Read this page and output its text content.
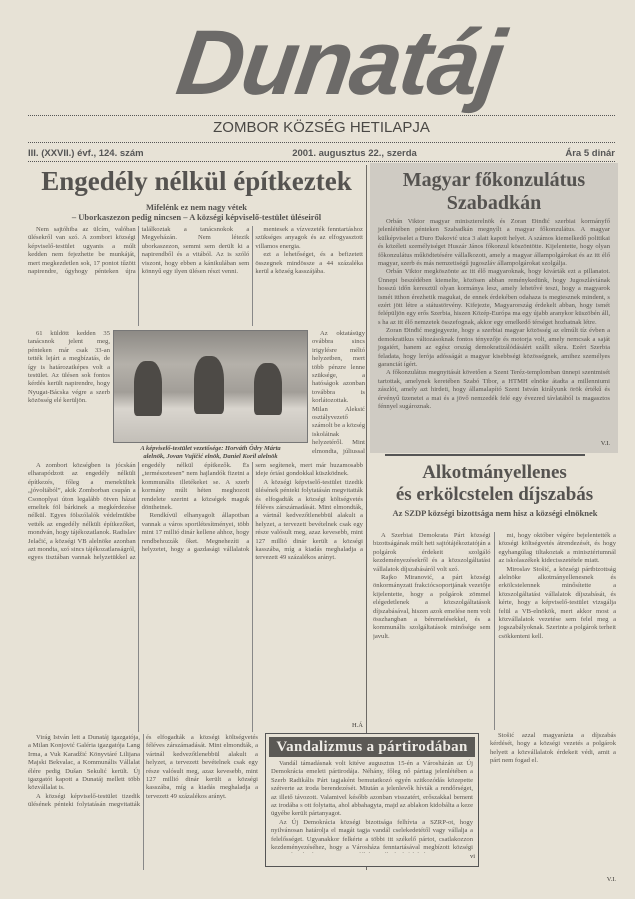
Dunatáj
ZOMBOR KÖZSÉG HETILAPJA
III. (XXVII.) évf., 124. szám	2001. augusztus 22., szerda	Ára 5 dinár
Engedély nélkül építkeztek
Mifelénk ez nem nagy vétek
– Uborkaszezon pedig nincsen – A községi képviselő-testület üléseiről

Nem sajtóhiba az ülcím, valóban ülésekről van szó. A zombori községi képviselő-testület ugyanis a múlt kedden nem fejezhette be munkáját, mert megkezdetlen sok, 17 pontot tűzött napirendre, úgyhogy pénteken újra találkoztak a tanácsnokok a Megyeházán. Nem létezik uborkaszezon, semmi sem derült ki a napirendből és a vitából. Az is szóló viszont, hogy ebben a kánikulában sem könnyű egy ilyen ülésen részt venni.

mentesek a vízvezeték fenntartáshoz szükséges anyagok és az elfogyasztott villamos energia.

ezt a lehetőséget, és a befizetett összegnek mindössze a 44 százaléka kerül a község kasszájába.

61 küldött kedden 35 tanácsnok jelent meg, pénteken már csak 33-an tették lejárt a megbízatás, de így is határozatképes volt a testület. Az ülésen sok fontos kérdés került napirendre, hogy Nyugat-Bácska végre a szerb közösség elé kerüljön.

Az oktatásügy ovábbra sincs irigylésre méltó helyzetben, mert több pénzre lenne szüksége, a hatóságok azonban továbbra is korlátozottak. Milan Aleksić osztályvezető számolt be a község iskoláinak helyzetéről. Mint elmondta, júliussal

A képviselő-testület vezetősége: Horváth Ödry Márta
alelnök, Jovan Vujičić elnök, Daniel Koril alelnök

A zombori községben is jócskán elharapódzott az engedély nélküli építkezés, főleg a menekültek „jóvoltából”, akik Zomborban csupán a Csonoplyai úton legalább ötven házat emeltek föl bárkinek a megkérdezése nélkül. Egyes fölszólalók védelmükbe vették az engedély nélküli építkezőket, mondván, hogy tájékozatlanok. Radislav Jelačić, a községi VB alelnöke azonban azt mondta, szó sincs tájékozatlanságról, egyes tisztában vannak helyzetükkel az engedély nélkül építkezők. És „természetesen” nem hajlandók fizetni a kommunális illetékeket se. A szerb kormány múlt héten meghozott rendelete szerint a községek maguk dönthetnek.

Rendkívül elhanyagolt állapotban vannak a város sportlétesítményei, több mint 17 millió dinár kellene ahhoz, hogy rendbehozzák őket. Megnehezíti a helyzetet, hogy a gazdasági vállalatok sem segítenek, mert már huzamosabb ideje óriási gondokkal küszködnek.

A községi képviselő-testület tizedik ülésének pénteki folytatásán megvitatták és elfogadták a községi költségvetés féléves zárszámadását. Mint elmondták, a vártnál kedvezőtlenebbül alakult a helyzet, a tervezett bevételnek csak egy része valósult meg, azaz kevesebb, mint 127 millió dinár került a községi kasszába, míg a kiadás meghaladja a tervezett 49 százalékos arányt.

Virág István lett a Dunatáj igazgatója, a Milan Konjović Galéria igazgatója Lang Irma, a Vuk Karadžić Könyvtáré Lilijana Majski Bekvalac, a Kommunális Vállalat élére pedig Dušan Sekulić került. Új igazgatót kapott a Dunatáj mellett több közvállalat is.

A községi képviselő-testület tizedik ülésének pénteki folytatásán megvitatták és elfogadták a községi költségvetés féléves zárszámadását. Mint elmondták, a vártnál kedvezőtlenebbül alakult a helyzet, a tervezett bevételnek csak egy része valósult meg, azaz kevesebb, mint 127 millió dinár került a községi kasszába, míg a kiadás meghaladja a tervezett 49 százalékos arányt.

H.Á
Magyar főkonzulátus
Szabadkán

Orbán Viktor magyar miniszterelnök és Zoran Đinđić szerbiai kormányfő jelenlétében pénteken Szabadkán megnyílt a magyar főkonzulátus. A magyar külképviselet a Đuro Đaković utca 3 alatt kapott helyet. A számos kiemelkedő politikai és közéleti személyiséget Huszár János főkonzul köszöntötte. Kijelentette, hogy olyan főkonzulátus működtetésére vállalkozott, amely a magyar állampolgárokat és az itt élő magyar, szerb és más nemzetiségű jugoszláv állampolgárokat szolgálja.

Orbán Viktor megköszönte az itt élő magyaroknak, hogy kivárták ezt a pillanatot. Ünnepi beszédében kiemelte, közösen abban reménykedünk, hogy Jugoszláviának hosszú időn keresztül olyan kormánya lesz, amely lehetővé teszi, hogy a magyarok ismét itthon érezhetik magukat, de ennek érdekében odahaza is megtesznek mindent, s ezért jött létre a státustörvény. Kifejezte, Magyarország érdekelt abban, hogy ismét felépüljön egy erős Szerbia, hiszen Közép-Európa ma egy újabb aranykor küszöbén áll, s ha az itt élő nemzetek összefognak, akkor egy emelkedő térséget hozhatnak létre.

Zoran Đinđić megjegyezte, hogy a szerbiai magyar közösség az elmúlt tíz évben a demokratikus változásoknak fontos tényezője és motorja volt, amely nemcsak a saját jogaiért, hanem az egész ország demokratizálódásáért szállt síkra. Ezért Szerbia feladata, hogy lerója adósságát a magyar kisebbségi közösségnek, amihez személyes garanciát ígért.

A főkonzulátus megnyitását követően a Szent Teréz-templomban ünnepi szentmisét tartottak, amelynek keretében Szabó Tibor, a HTMH elnöke átadta a millenniumi zászlót, amely azt hirdeti, hogy államalapító Szent István királyunk örök értékű és érvényű üzenetei a mai és a jövő nemzedék felé egy évezred távlatából is magasztos fénnyel sugároznak.

V.I.
Alkotmányellenes
és erkölcstelen díjszabás
Az SZDP községi bizottsága nem hisz a községi elnöknek

A Szerbiai Demokrata Párt községi bizottságának múlt heti sajtótájékoztatóján a polgárok érdekeit szolgáló kezdeményezésekről és a közszolgáltatási vállalatok díjszabásáról volt szó.

Rajko Miranović, a párt községi önkormányzati frakciócsoportjának vezetője kijelentette, hogy a polgárok zömmel elégedetlenek a közszolgáltatások díjszabásával, hiszen azok emelése nem volt összhangban a béremelésekkel, és a kommunális szolgáltatások minősége sem javult.

mi, hogy október végére bejelentették a községi költségvetés átrendezését, és hogy egyhangúlag tiltakoztak a minisztériumnál az iskolaszékek kidecisszetétele miatt.

Miroslav Stošić, a községi pártbizottság alelnöke alkotmányellenesnek és erkölcstelennek minősítette a közszolgáltatási vállalatok díjszabását, és kérte, hogy a képviselő-testület vizsgálja felül a VB-elnökök, mert akkor most a közvállalatok vezetése sem felel meg a jogszabályoknak. Szerinte a polgárok terheit csökkenteni kell.

Stošić azzal magyarázta a díjszabás kérdését, hogy a községi vezetés a polgárok helyett a közvállalatok érdekeit védi, amit a párt nem fogad el.

V.I.
Vandalizmus a pártirodában

Vandál támadásnak volt kitéve augusztus 15-én a Városházán az Új Demokrácia emeleti pártirodája. Néhány, főleg nő párttag jelenlétében a Szerb Radikális Párt tagjaként bemutatkozó egyén szitkozódás közepette szétverte az iroda berendezését. Miután a jelenlevők hívták a rendőrséget, az illető távozott. Valamivel később azonban visszatért, erőszakkal bement az irodába s ott folytatta, ahol abbahagyta, majd az ablakon kidobálta a keze ügyébe került pártanyagot.

Az Új Demokrácia községi bizottsága felhívta a SZRP-ot, hogy nyilvánosan határolja el magát tagja vandál cselekedetétől vagy vállalja a felelősséget. Ugyanakkor felkérte a többi itt székelő pártot, csatlakozzon kezdeményezéséhez, hogy a Városháza fenntartásával megbízott községi

vi
